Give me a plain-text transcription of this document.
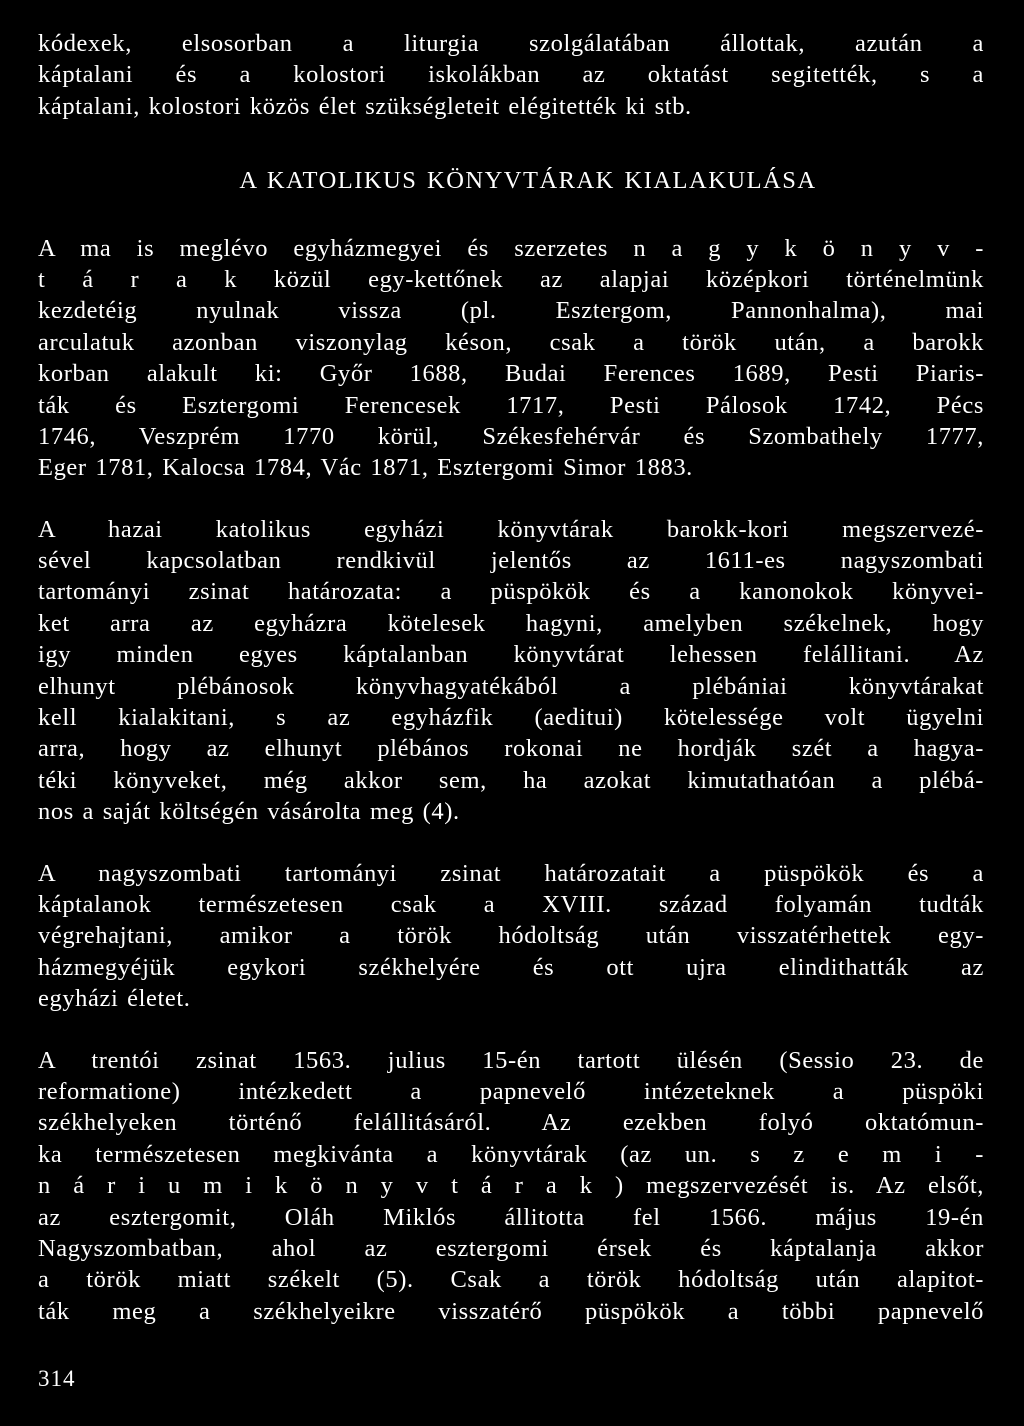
kódexek, elsosorban a liturgia szolgálatában állottak, azután a
káptalani és a kolostori iskolákban az oktatást segitették, s a
káptalani, kolostori közös élet szükségleteit elégitették ki stb.
A KATOLIKUS KÖNYVTÁRAK KIALAKULÁSA
A ma is meglévo egyházmegyei és szerzetes n a g y k ö n y v -
t á r a k közül egy-kettőnek az alapjai középkori történelmünk
kezdetéig nyulnak vissza (pl. Esztergom, Pannonhalma), mai
arculatuk azonban viszonylag késon, csak a török után, a barokk
korban alakult ki: Győr 1688, Budai Ferences 1689, Pesti Piaris-
ták és Esztergomi Ferencesek 1717, Pesti Pálosok 1742, Pécs
1746, Veszprém 1770 körül, Székesfehérvár és Szombathely 1777,
Eger 1781, Kalocsa 1784, Vác 1871, Esztergomi Simor 1883.
A hazai katolikus egyházi könyvtárak barokk-kori megszervezé-
sével kapcsolatban rendkivül jelentős az 1611-es nagyszombati
tartományi zsinat határozata: a püspökök és a kanonokok könyvei-
ket arra az egyházra kötelesek hagyni, amelyben székelnek, hogy
igy minden egyes káptalanban könyvtárat lehessen felállitani. Az
elhunyt plébánosok könyvhagyatékából a plébániai könyvtárakat
kell kialakitani, s az egyházfik (aeditui) kötelessége volt ügyelni
arra, hogy az elhunyt plébános rokonai ne hordják szét a hagya-
téki könyveket, még akkor sem, ha azokat kimutathatóan a plébá-
nos a saját költségén vásárolta meg (4).
A nagyszombati tartományi zsinat határozatait a püspökök és a
káptalanok természetesen csak a XVIII. század folyamán tudták
végrehajtani, amikor a török hódoltság után visszatérhettek egy-
házmegyéjük egykori székhelyére és ott ujra elindithatták az
egyházi életet.
A trentói zsinat 1563. julius 15-én tartott ülésén (Sessio 23. de
reformatione) intézkedett a papnevelő intézeteknek a püspöki
székhelyeken történő felállitásáról. Az ezekben folyó oktatómun-
ka természetesen megkivánta a könyvtárak (az un. s z e m i -
n á r i u m i k ö n y v t á r a k ) megszervezését is. Az elsőt,
az esztergomit, Oláh Miklós állitotta fel 1566. május 19-én
Nagyszombatban, ahol az esztergomi érsek és káptalanja akkor
a török miatt székelt (5). Csak a török hódoltság után alapitot-
ták meg a székhelyeikre visszatérő püspökök a többi papnevelő
314
